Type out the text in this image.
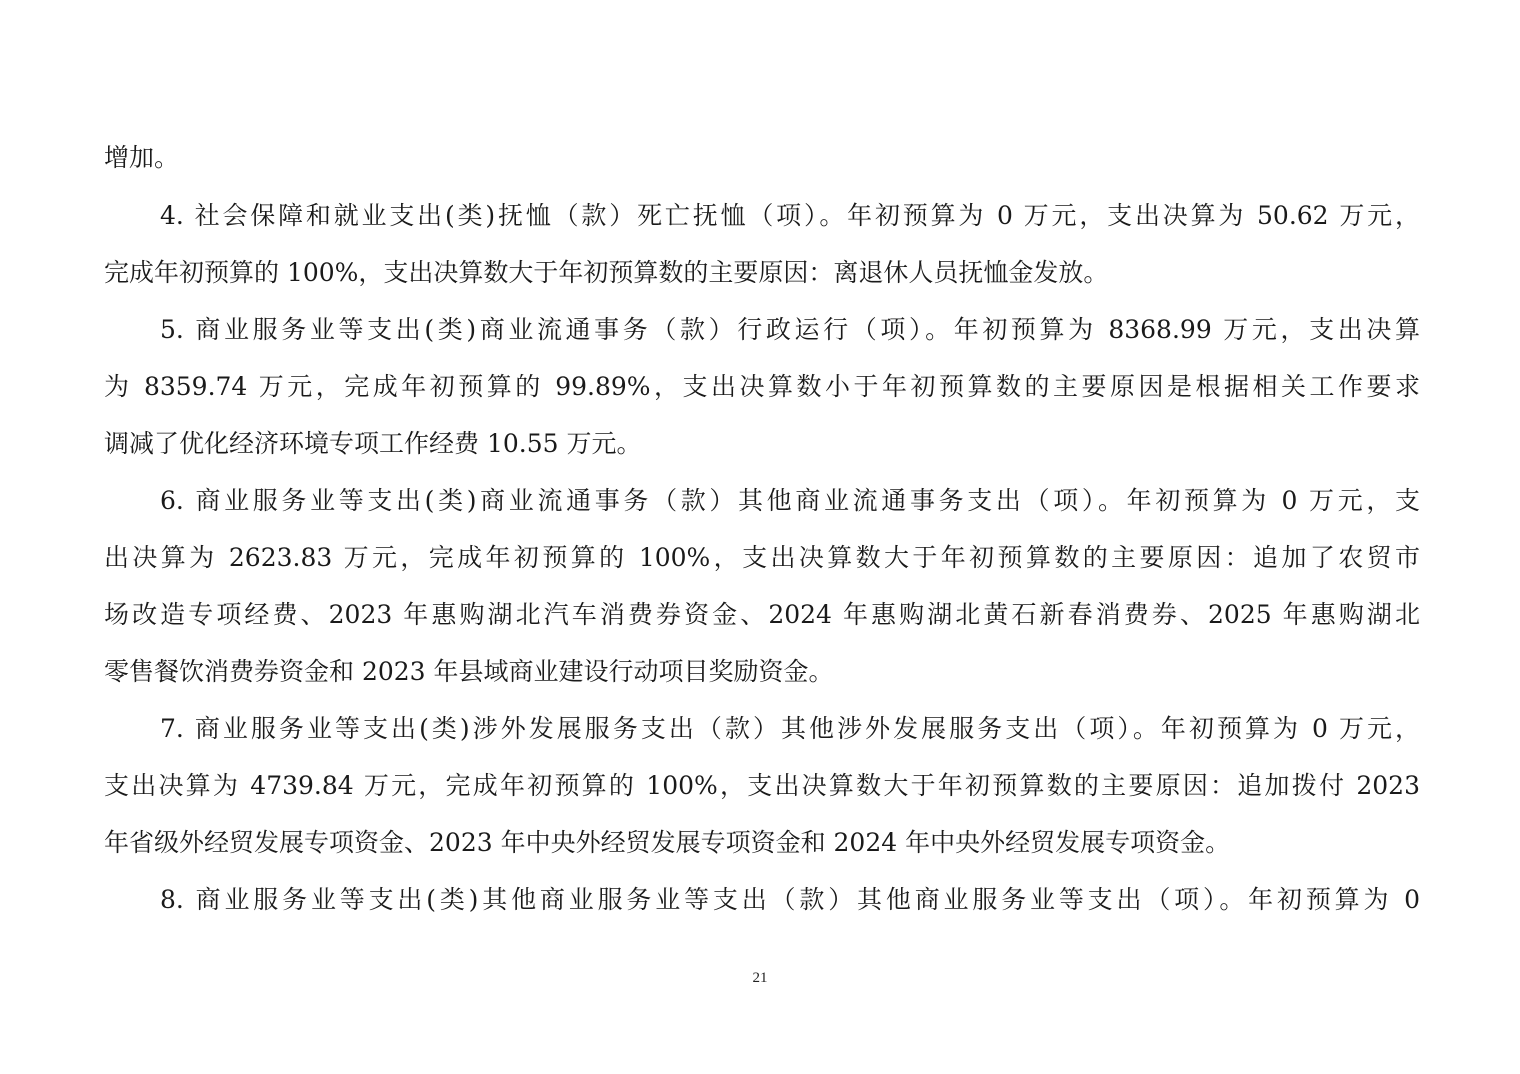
增加。
4. 社会保障和就业支出(类)抚恤（款）死亡抚恤（项）。年初预算为 0 万元，支出决算为 50.62 万元，
完成年初预算的 100%，支出决算数大于年初预算数的主要原因：离退休人员抚恤金发放。
5. 商业服务业等支出(类)商业流通事务（款）行政运行（项）。年初预算为 8368.99 万元，支出决算
为 8359.74 万元，完成年初预算的 99.89%，支出决算数小于年初预算数的主要原因是根据相关工作要求
调减了优化经济环境专项工作经费 10.55 万元。
6. 商业服务业等支出(类)商业流通事务（款）其他商业流通事务支出（项）。年初预算为 0 万元，支
出决算为 2623.83 万元，完成年初预算的 100%，支出决算数大于年初预算数的主要原因：追加了农贸市
场改造专项经费、2023 年惠购湖北汽车消费券资金、2024 年惠购湖北黄石新春消费券、2025 年惠购湖北
零售餐饮消费券资金和 2023 年县域商业建设行动项目奖励资金。
7. 商业服务业等支出(类)涉外发展服务支出（款）其他涉外发展服务支出（项）。年初预算为 0 万元，
支出决算为 4739.84 万元，完成年初预算的 100%，支出决算数大于年初预算数的主要原因：追加拨付 2023
年省级外经贸发展专项资金、2023 年中央外经贸发展专项资金和 2024 年中央外经贸发展专项资金。
8. 商业服务业等支出(类)其他商业服务业等支出（款）其他商业服务业等支出（项）。年初预算为 0
21
